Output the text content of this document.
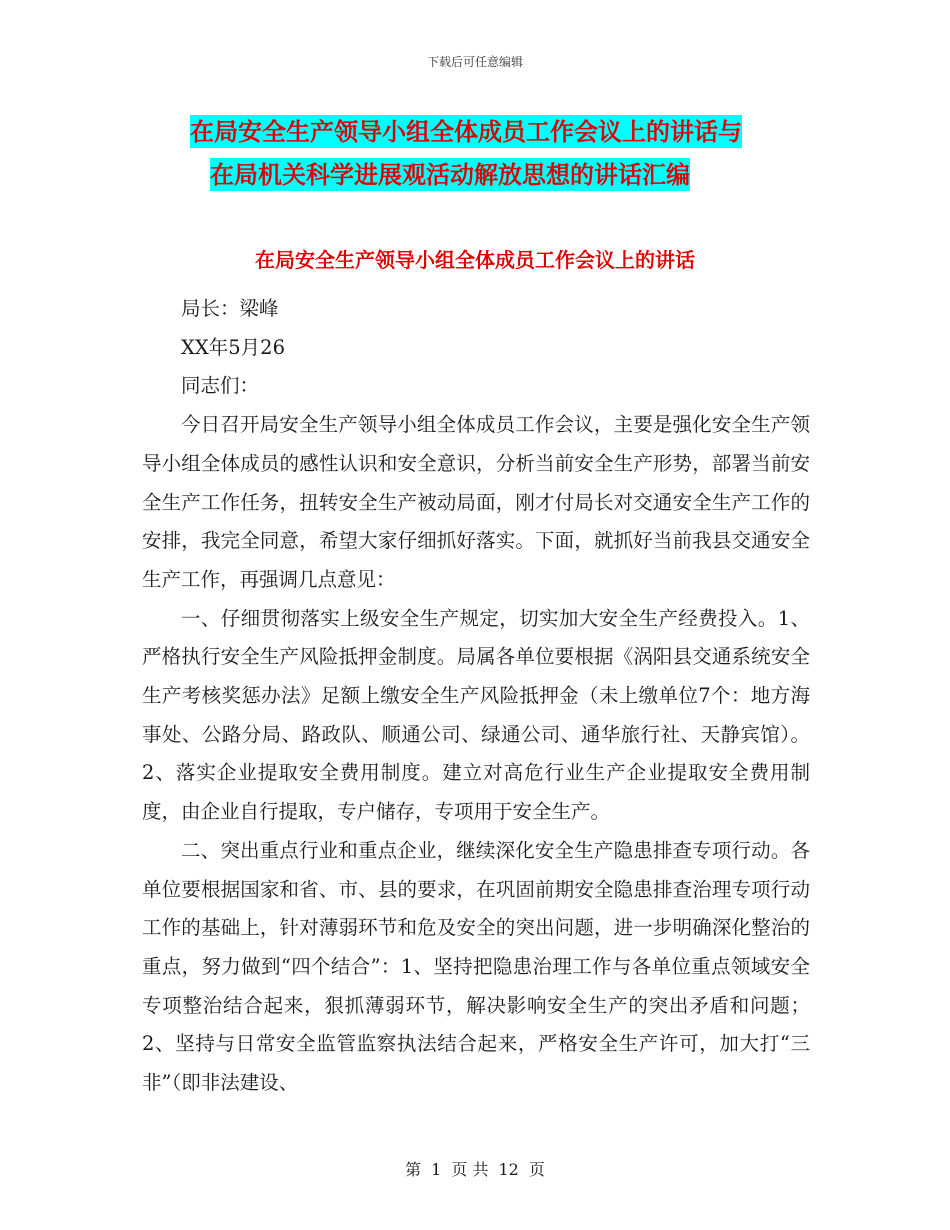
下载后可任意编辑
在局安全生产领导小组全体成员工作会议上的讲话与
在局机关科学进展观活动解放思想的讲话汇编
在局安全生产领导小组全体成员工作会议上的讲话

局长：梁峰

XX年5月26

同志们：

今日召开局安全生产领导小组全体成员工作会议，主要是强化安全生产领导小组全体成员的感性认识和安全意识，分析当前安全生产形势，部署当前安全生产工作任务，扭转安全生产被动局面，刚才付局长对交通安全生产工作的安排，我完全同意，希望大家仔细抓好落实。下面，就抓好当前我县交通安全生产工作，再强调几点意见：

一、仔细贯彻落实上级安全生产规定，切实加大安全生产经费投入。1、严格执行安全生产风险抵押金制度。局属各单位要根据《涡阳县交通系统安全生产考核奖惩办法》足额上缴安全生产风险抵押金（未上缴单位7个：地方海事处、公路分局、路政队、顺通公司、绿通公司、通华旅行社、天静宾馆）。2、落实企业提取安全费用制度。建立对高危行业生产企业提取安全费用制度，由企业自行提取，专户储存，专项用于安全生产。

二、突出重点行业和重点企业，继续深化安全生产隐患排查专项行动。各单位要根据国家和省、市、县的要求，在巩固前期安全隐患排查治理专项行动工作的基础上，针对薄弱环节和危及安全的突出问题，进一步明确深化整治的重点，努力做到“四个结合”：1、坚持把隐患治理工作与各单位重点领域安全专项整治结合起来，狠抓薄弱环节，解决影响安全生产的突出矛盾和问题；2、坚持与日常安全监管监察执法结合起来，严格安全生产许可，加大打“三非”（即非法建设、

第 1 页 共 12 页
